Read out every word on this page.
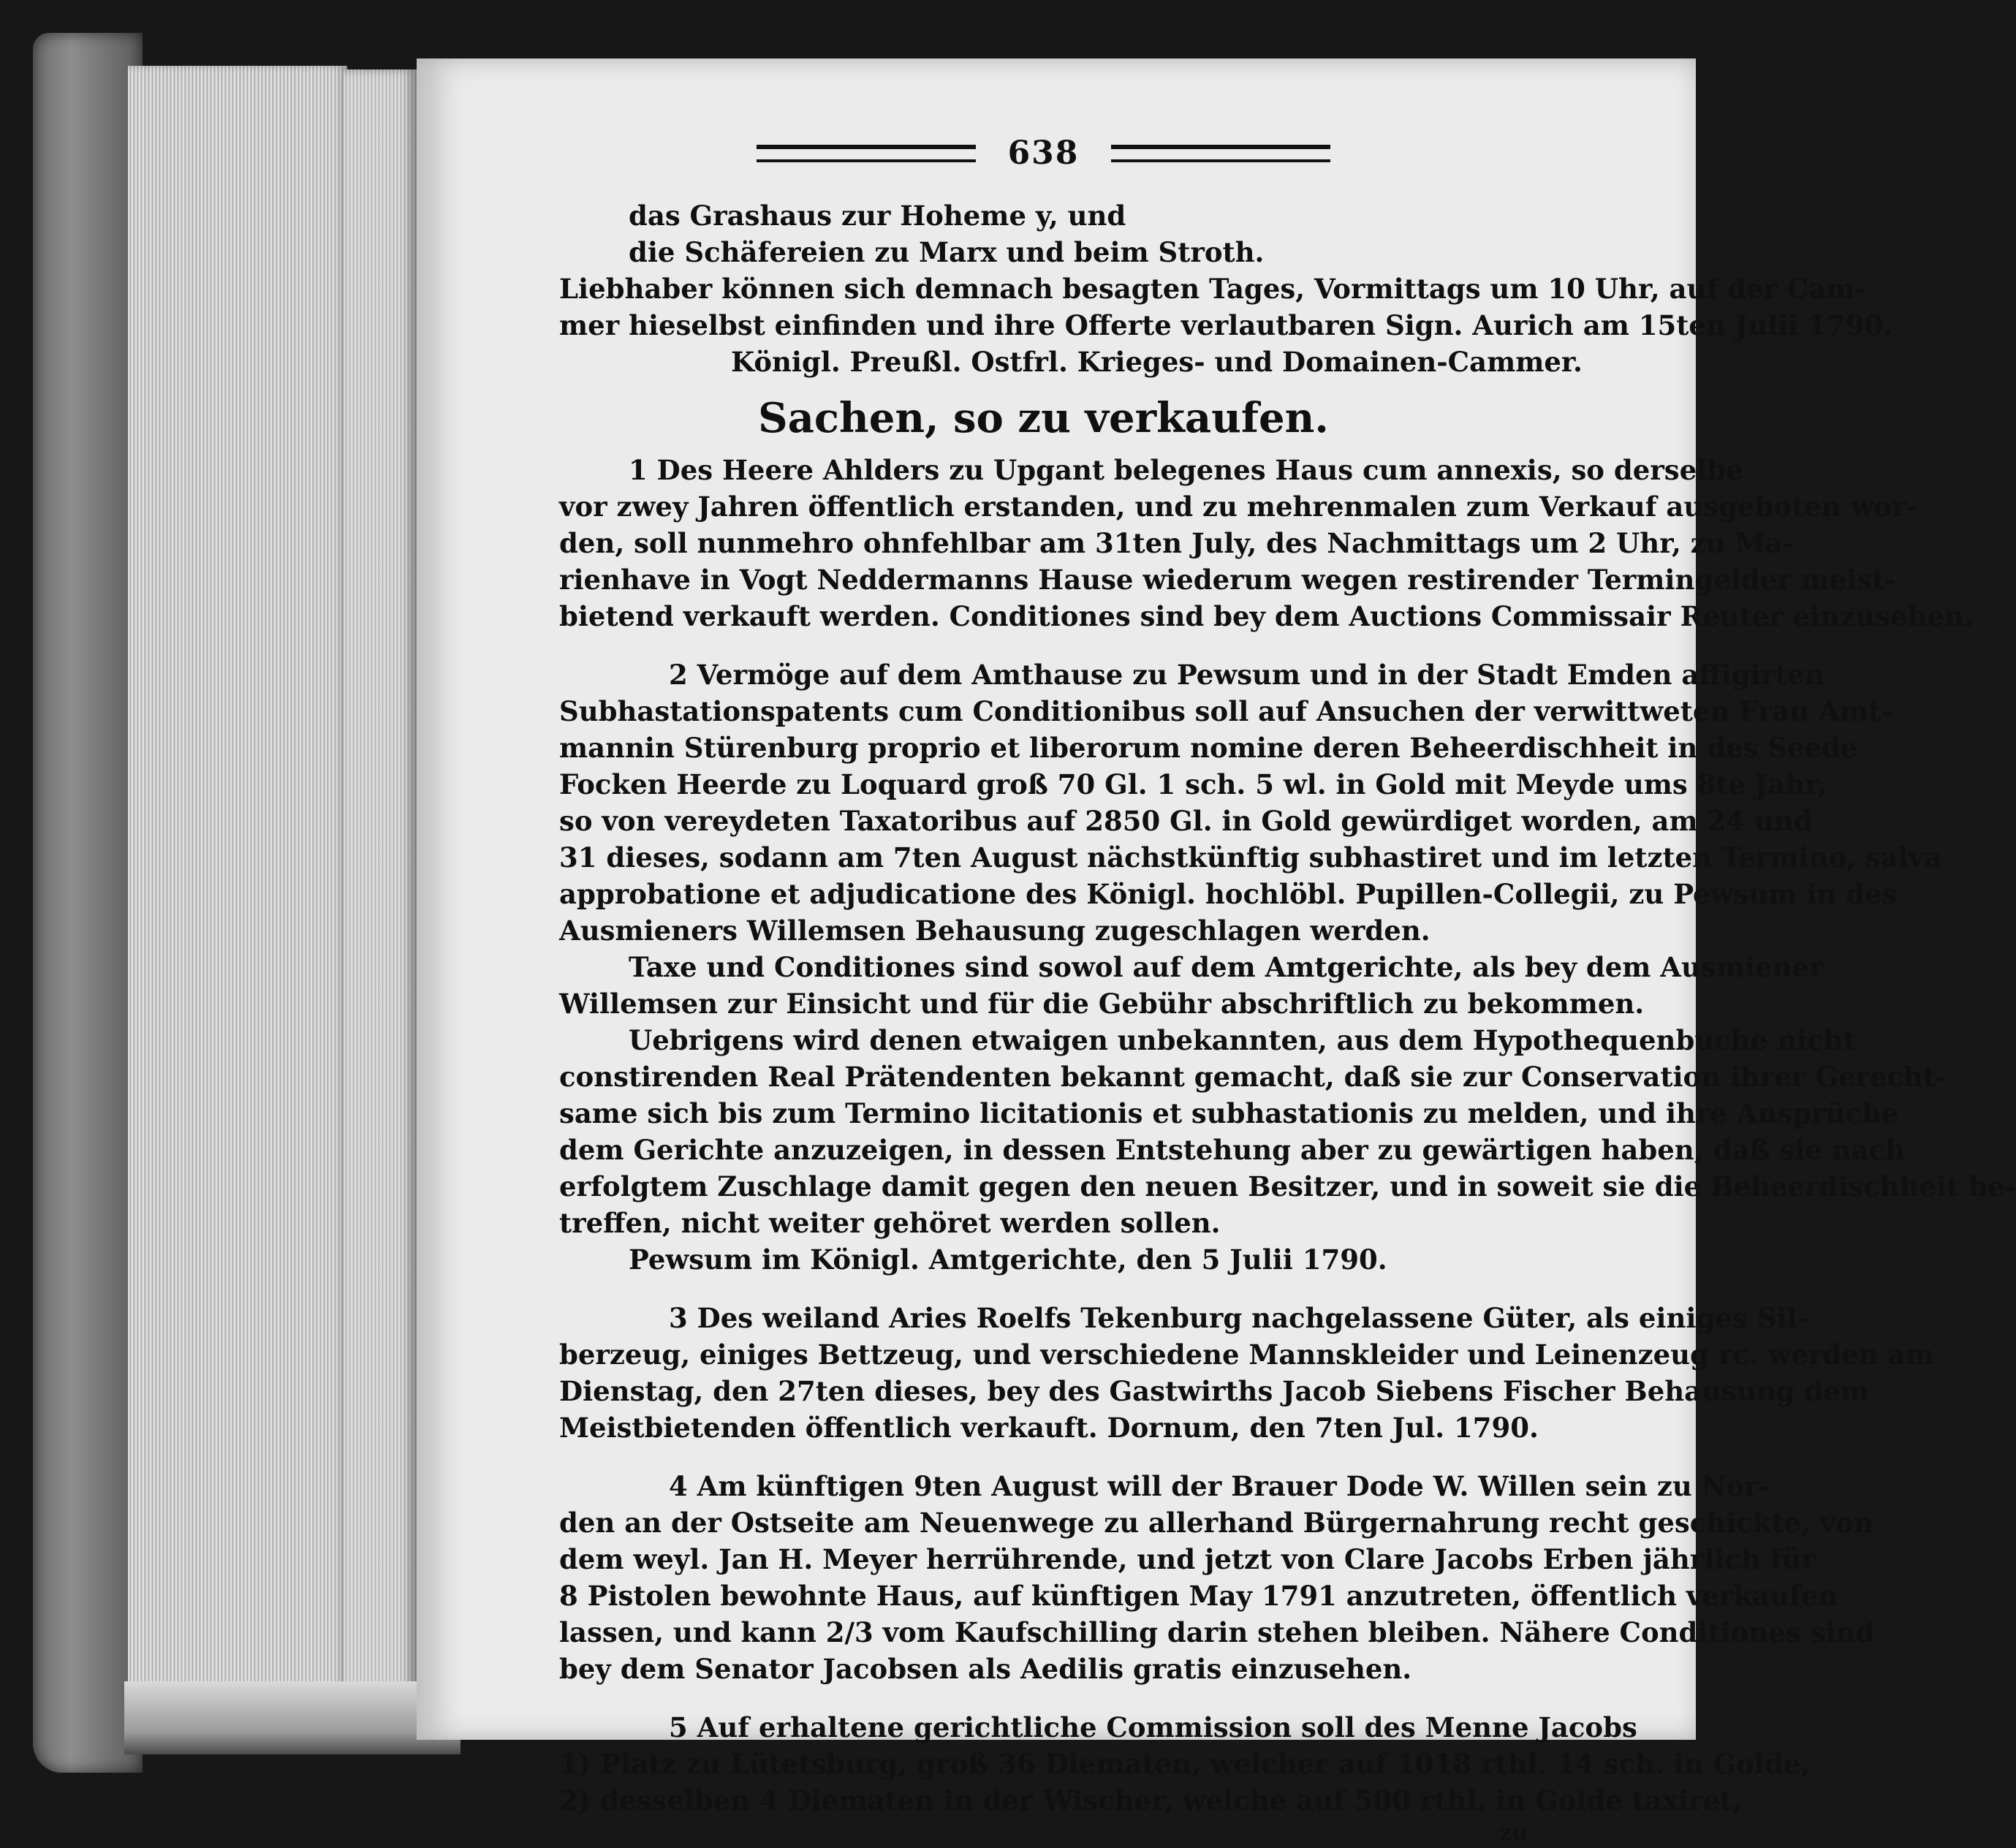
638
das Grashaus zur Hoheme y, und
die Schäfereien zu Marx und beim Stroth.
Liebhaber können sich demnach besagten Tages, Vormittags um 10 Uhr, auf der Cam-
mer hieselbst einfinden und ihre Offerte verlautbaren Sign. Aurich am 15ten Julii 1790.
Königl. Preußl. Ostfrl. Krieges- und Domainen-Cammer.
Sachen, so zu verkaufen.
1 Des Heere Ahlders zu Upgant belegenes Haus cum annexis, so derselbe
vor zwey Jahren öffentlich erstanden, und zu mehrenmalen zum Verkauf ausgeboten wor-
den, soll nunmehro ohnfehlbar am 31ten July, des Nachmittags um 2 Uhr, zu Ma-
rienhave in Vogt Neddermanns Hause wiederum wegen restirender Termingelder meist-
bietend verkauft werden. Conditiones sind bey dem Auctions Commissair Reuter einzusehen.
2 Vermöge auf dem Amthause zu Pewsum und in der Stadt Emden affigirten
Subhastationspatents cum Conditionibus soll auf Ansuchen der verwittweten Frau Amt-
mannin Stürenburg proprio et liberorum nomine deren Beheerdischheit in des Seede
Focken Heerde zu Loquard groß 70 Gl. 1 sch. 5 wl. in Gold mit Meyde ums 8te Jahr,
so von vereydeten Taxatoribus auf 2850 Gl. in Gold gewürdiget worden, am 24 und
31 dieses, sodann am 7ten August nächstkünftig subhastiret und im letzten Termino, salva
approbatione et adjudicatione des Königl. hochlöbl. Pupillen-Collegii, zu Pewsum in des
Ausmieners Willemsen Behausung zugeschlagen werden.
Taxe und Conditiones sind sowol auf dem Amtgerichte, als bey dem Ausmiener
Willemsen zur Einsicht und für die Gebühr abschriftlich zu bekommen.
Uebrigens wird denen etwaigen unbekannten, aus dem Hypothequenbuche nicht
constirenden Real Prätendenten bekannt gemacht, daß sie zur Conservation ihrer Gerecht-
same sich bis zum Termino licitationis et subhastationis zu melden, und ihre Ansprüche
dem Gerichte anzuzeigen, in dessen Entstehung aber zu gewärtigen haben, daß sie nach
erfolgtem Zuschlage damit gegen den neuen Besitzer, und in soweit sie die Beheerdischheit be-
treffen, nicht weiter gehöret werden sollen.
Pewsum im Königl. Amtgerichte, den 5 Julii 1790.
3 Des weiland Aries Roelfs Tekenburg nachgelassene Güter, als einiges Sil-
berzeug, einiges Bettzeug, und verschiedene Mannskleider und Leinenzeug rc. werden am
Dienstag, den 27ten dieses, bey des Gastwirths Jacob Siebens Fischer Behausung dem
Meistbietenden öffentlich verkauft. Dornum, den 7ten Jul. 1790.
4 Am künftigen 9ten August will der Brauer Dode W. Willen sein zu Nor-
den an der Ostseite am Neuenwege zu allerhand Bürgernahrung recht geschickte, von
dem weyl. Jan H. Meyer herrührende, und jetzt von Clare Jacobs Erben jährlich für
8 Pistolen bewohnte Haus, auf künftigen May 1791 anzutreten, öffentlich verkaufen
lassen, und kann 2/3 vom Kaufschilling darin stehen bleiben. Nähere Conditiones sind
bey dem Senator Jacobsen als Aedilis gratis einzusehen.
5 Auf erhaltene gerichtliche Commission soll des Menne Jacobs
1) Platz zu Lütetsburg, groß 36 Diematen, welcher auf 1018 rthl. 14 sch. in Golde,
2) desselben 4 Diematen in der Wischer, welche auf 500 rthl. in Golde taxiret,
zu
